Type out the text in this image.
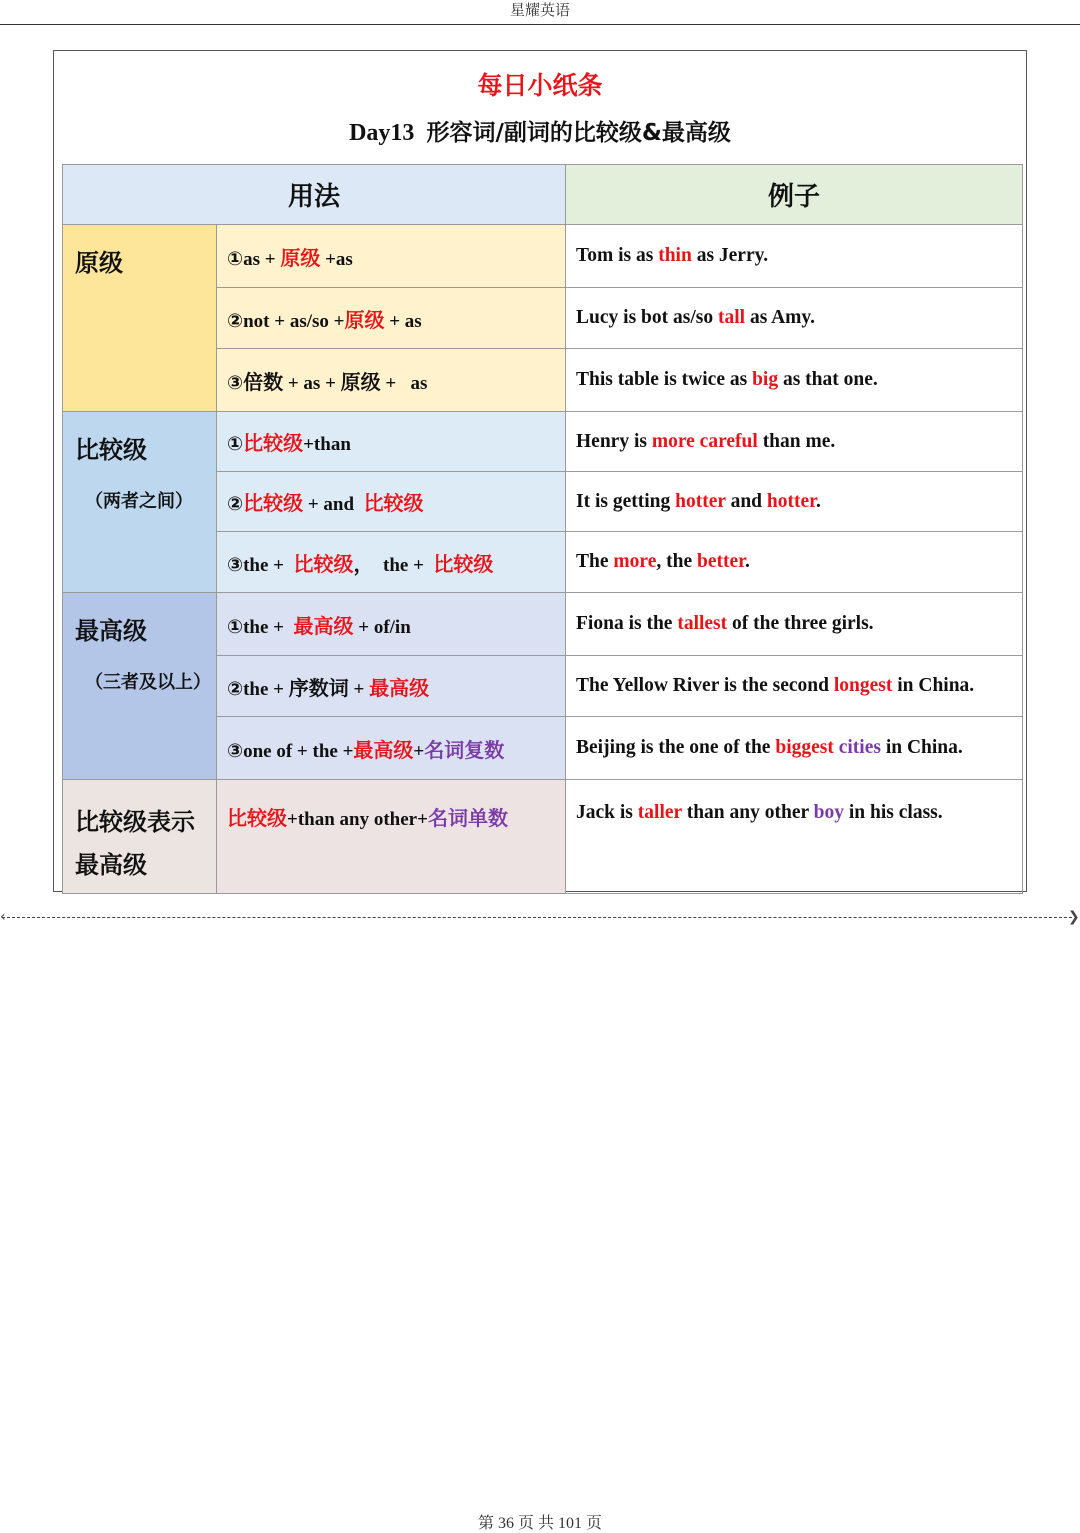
星耀英语
每日小纸条
Day13 形容词/副词的比较级&最高级
用法		例子

原级	①as + 原级 +as	Tom is as thin as Jerry.
	②not + as/so +原级 + as	Lucy is bot as/so tall as Amy.
	③倍数 + as + 原级 +   as	This table is twice as big as that one.

比较级
（两者之间）	①比较级+than	Henry is more careful than me.
	②比较级 + and  比较级	It is getting hotter and hotter.
	③the +  比较级， the +  比较级	The more, the better.

最高级
（三者及以上）	①the +  最高级 + of/in	Fiona is the tallest of the three girls.
	②the + 序数词 + 最高级	The Yellow River is the second longest in China.
	③one of + the +最高级+名词复数	Beijing is the one of the biggest cities in China.

比较级表示
最高级	比较级+than any other+名词单数	Jack is taller than any other boy in his class.
‹	❯
第 36 页 共 101 页
